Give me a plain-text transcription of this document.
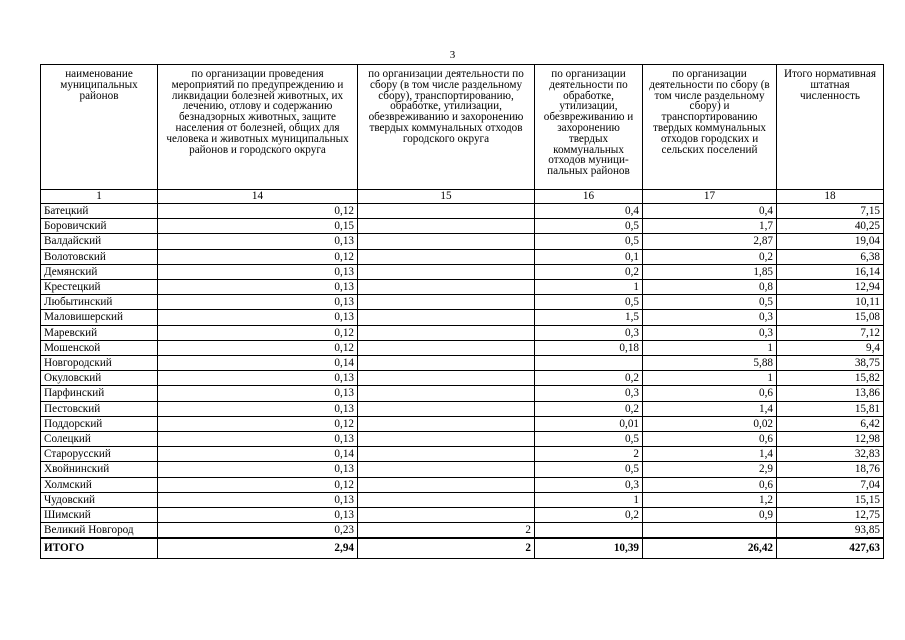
3
наименование муниципальных районов	по организации проведения мероприятий по предупреждению и ликвидации болезней животных, их лечению, отлову и содержанию безнадзорных животных, защите населения от болезней, общих для человека и животных муниципальных районов и городского округа	по организации деятельности по сбору (в том числе раздельному сбору), транспортированию, обработке, утилизации, обезвреживанию и захоронению твердых коммунальных отходов городского округа	по организации деятельности по обработке, утилизации, обезвреживанию и захоронению твердых коммунальных отходов муници-пальных районов	по организации деятельности по сбору (в том числе раздельному сбору) и транспортированию твердых коммунальных отходов городских и сельских поселений	Итого нормативная штатная численность
1	14	15	16	17	18
Батецкий	0,12		0,4	0,4	7,15
Боровичский	0,15		0,5	1,7	40,25
Валдайский	0,13		0,5	2,87	19,04
Волотовский	0,12		0,1	0,2	6,38
Демянский	0,13		0,2	1,85	16,14
Крестецкий	0,13		1	0,8	12,94
Любытинский	0,13		0,5	0,5	10,11
Маловишерский	0,13		1,5	0,3	15,08
Маревский	0,12		0,3	0,3	7,12
Мошенской	0,12		0,18	1	9,4
Новгородский	0,14			5,88	38,75
Окуловский	0,13		0,2	1	15,82
Парфинский	0,13		0,3	0,6	13,86
Пестовский	0,13		0,2	1,4	15,81
Поддорский	0,12		0,01	0,02	6,42
Солецкий	0,13		0,5	0,6	12,98
Старорусский	0,14		2	1,4	32,83
Хвойнинский	0,13		0,5	2,9	18,76
Холмский	0,12		0,3	0,6	7,04
Чудовский	0,13		1	1,2	15,15
Шимский	0,13		0,2	0,9	12,75
Великий Новгород	0,23	2			93,85
ИТОГО	2,94	2	10,39	26,42	427,63
